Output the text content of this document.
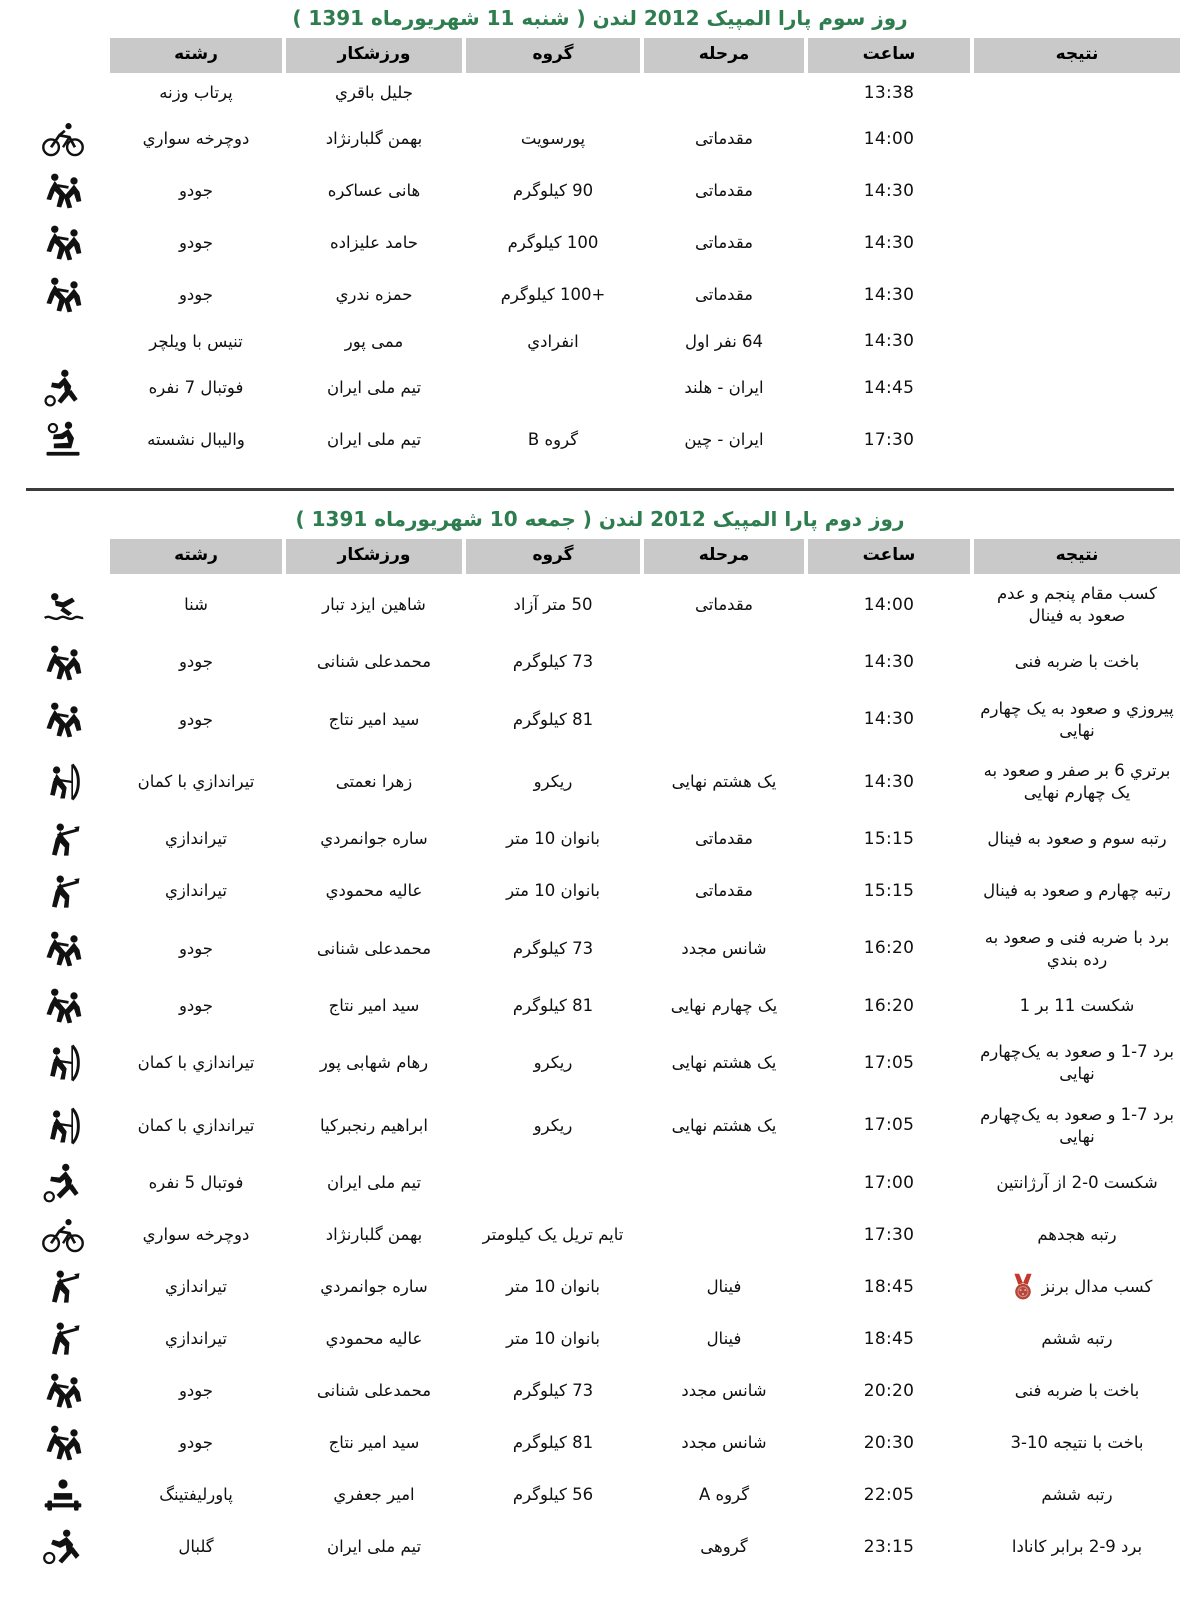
روز سوم پارا المپیک 2012 لندن ( شنبه 11 شهریورماه 1391 )
نتیجه	ساعت	مرحله	گروه	ورزشکار	رشته	
	13:38			جلیل باقري	پرتاب وزنه	
	14:00	مقدماتی	پورسویت	بهمن گلبارنژاد	دوچرخه سواري	

	14:30	مقدماتی	90 کیلوگرم	هانی عساکره	جودو	

	14:30	مقدماتی	100 کیلوگرم	حامد علیزاده	جودو	

	14:30	مقدماتی	+100 کیلوگرم	حمزه ندري	جودو	

	14:30	64 نفر اول	انفرادي	ممی پور	تنیس با ویلچر	
	14:45	ایران - هلند		تیم ملی ایران	فوتبال 7 نفره	

	17:30	ایران - چین	گروه B	تیم ملی ایران	والیبال نشسته	
روز دوم پارا المپیک 2012 لندن ( جمعه 10 شهریورماه 1391 )
نتیجه	ساعت	مرحله	گروه	ورزشکار	رشته	
کسب مقام پنجم و عدم صعود به فینال	14:00	مقدماتی	50 متر آزاد	شاهین ایزد تبار	شنا	

باخت با ضربه فنی	14:30		73 کیلوگرم	محمدعلی شنانی	جودو	

پیروزي و صعود به یک چهارم نهایی	14:30		81 کیلوگرم	سید امیر نتاج	جودو	

برتري 6 بر صفر و صعود به یک چهارم نهایی	14:30	یک هشتم نهایی	ریکرو	زهرا نعمتی	تیراندازي با کمان	

رتبه سوم و صعود به فینال	15:15	مقدماتی	بانوان 10 متر	ساره جوانمردي	تیراندازي	

رتبه چهارم و صعود به فینال	15:15	مقدماتی	بانوان 10 متر	عالیه محمودي	تیراندازي	

برد با ضربه فنی و صعود به رده بندي	16:20	شانس مجدد	73 کیلوگرم	محمدعلی شنانی	جودو	

شکست 11 بر 1	16:20	یک چهارم نهایی	81 کیلوگرم	سید امیر نتاج	جودو	

برد 7-1 و صعود به یک‌چهارم نهایی	17:05	یک هشتم نهایی	ریکرو	رهام شهابی پور	تیراندازي با کمان	

برد 7-1 و صعود به یک‌چهارم نهایی	17:05	یک هشتم نهایی	ریکرو	ابراهیم رنجبرکیا	تیراندازي با کمان	

شکست 0-2 از آرژانتین	17:00			تیم ملی ایران	فوتبال 5 نفره	

رتبه هجدهم	17:30		تایم تریل یک کیلومتر	بهمن گلبارنژاد	دوچرخه سواري	

کسب مدال برنز	18:45	فینال	بانوان 10 متر	ساره جوانمردي	تیراندازي	

رتبه ششم	18:45	فینال	بانوان 10 متر	عالیه محمودي	تیراندازي	

باخت با ضربه فنی	20:20	شانس مجدد	73 کیلوگرم	محمدعلی شنانی	جودو	

باخت با نتیجه 10-3	20:30	شانس مجدد	81 کیلوگرم	سید امیر نتاج	جودو	

رتبه ششم	22:05	گروه A	56 کیلوگرم	امیر جعفري	پاورلیفتینگ	

برد 9-2 برابر کانادا	23:15	گروهی		تیم ملی ایران	گلبال	
